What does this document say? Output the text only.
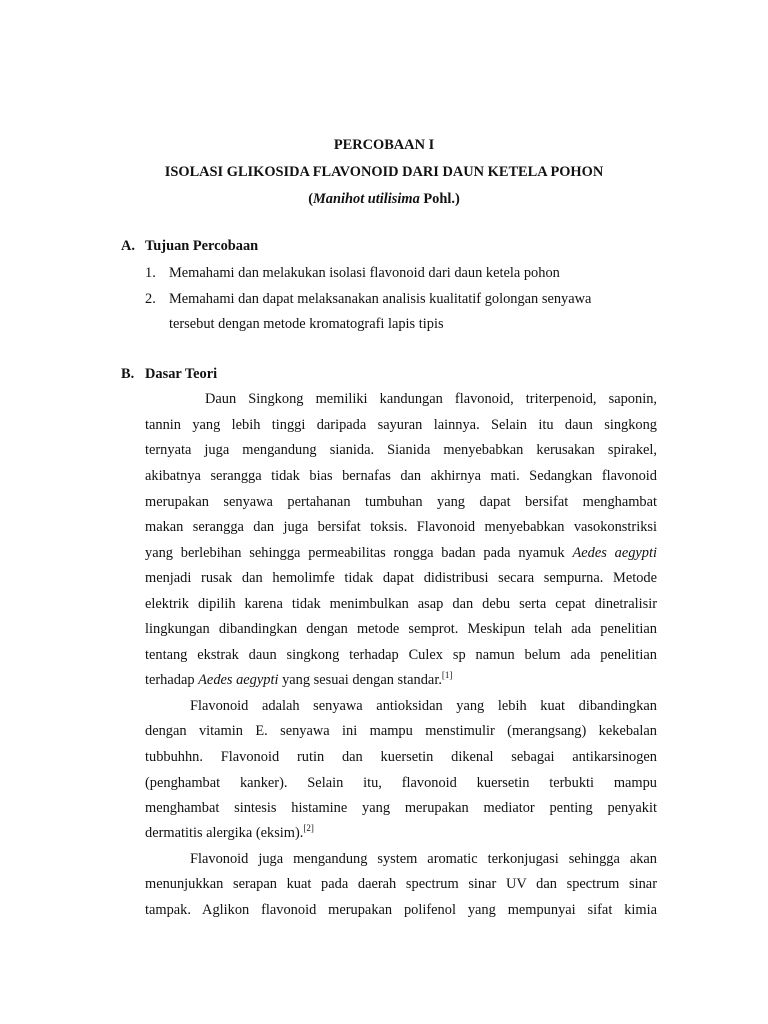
PERCOBAAN I
ISOLASI GLIKOSIDA FLAVONOID DARI DAUN KETELA POHON
(Manihot utilisima Pohl.)
A. Tujuan Percobaan
1. Memahami dan melakukan isolasi flavonoid dari daun ketela pohon
2. Memahami dan dapat melaksanakan analisis kualitatif golongan senyawa
tersebut dengan metode kromatografi lapis tipis
B. Dasar Teori
Daun Singkong memiliki kandungan flavonoid, triterpenoid, saponin,
tannin yang lebih tinggi daripada sayuran lainnya. Selain itu daun singkong
ternyata juga mengandung sianida. Sianida menyebabkan kerusakan spirakel,
akibatnya serangga tidak bias bernafas dan akhirnya mati. Sedangkan flavonoid
merupakan senyawa pertahanan tumbuhan yang dapat bersifat menghambat
makan serangga dan juga bersifat toksis. Flavonoid menyebabkan vasokonstriksi
yang berlebihan sehingga permeabilitas rongga badan pada nyamuk Aedes aegypti
menjadi rusak dan hemolimfe tidak dapat didistribusi secara sempurna. Metode
elektrik dipilih karena tidak menimbulkan asap dan debu serta cepat dinetralisir
lingkungan dibandingkan dengan metode semprot. Meskipun telah ada penelitian
tentang ekstrak daun singkong terhadap Culex sp namun belum ada penelitian
terhadap Aedes aegypti yang sesuai dengan standar.[1]
Flavonoid adalah senyawa antioksidan yang lebih kuat dibandingkan
dengan vitamin E. senyawa ini mampu menstimulir (merangsang) kekebalan
tubbuhhn. Flavonoid rutin dan kuersetin dikenal sebagai antikarsinogen
(penghambat kanker). Selain itu, flavonoid kuersetin terbukti mampu
menghambat sintesis histamine yang merupakan mediator penting penyakit
dermatitis alergika (eksim).[2]
Flavonoid juga mengandung system aromatic terkonjugasi sehingga akan
menunjukkan serapan kuat pada daerah spectrum sinar UV dan spectrum sinar
tampak. Aglikon flavonoid merupakan polifenol yang mempunyai sifat kimia
